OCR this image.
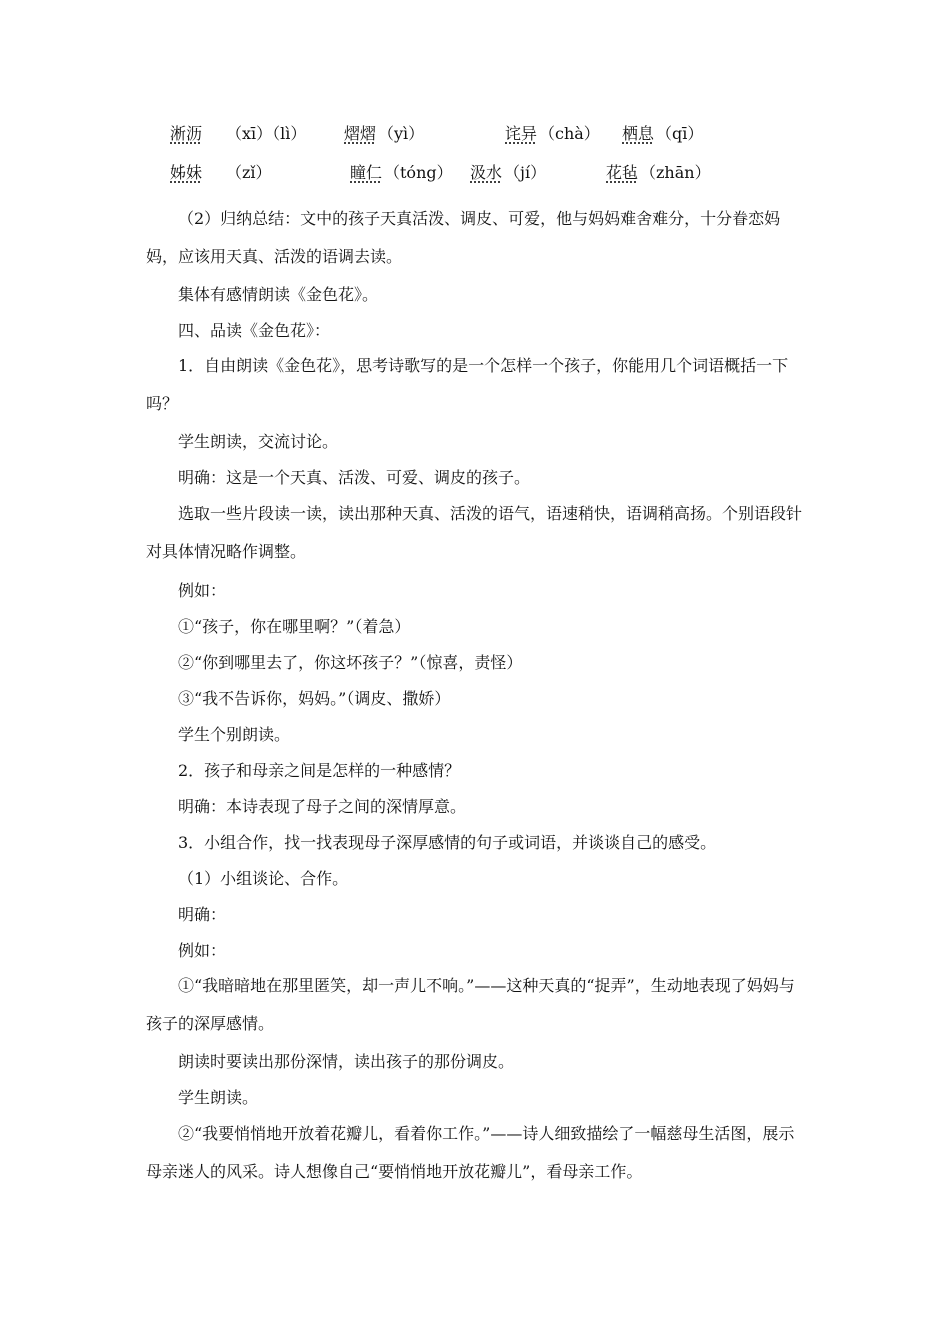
淅沥 （xī）（lì） 熠熠 （yì）	诧异 （chà） 栖息 （qī）
姊妹 （zǐ）	瞳仁 （tóng） 汲水 （jí）	花毡 （zhān）
（2）归纳总结：文中的孩子天真活泼、调皮、可爱，他与妈妈难舍难分，十分眷恋妈妈，应该用天真、活泼的语调去读。
集体有感情朗读《金色花》。
四、品读《金色花》：
1．自由朗读《金色花》，思考诗歌写的是一个怎样一个孩子，你能用几个词语概括一下吗？
学生朗读，交流讨论。
明确：这是一个天真、活泼、可爱、调皮的孩子。
选取一些片段读一读，读出那种天真、活泼的语气，语速稍快，语调稍高扬。个别语段针对具体情况略作调整。
例如：
①“孩子，你在哪里啊？”（着急）
②“你到哪里去了，你这坏孩子？”（惊喜，责怪）
③“我不告诉你，妈妈。”（调皮、撒娇）
学生个别朗读。
2．孩子和母亲之间是怎样的一种感情？
明确：本诗表现了母子之间的深情厚意。
3．小组合作，找一找表现母子深厚感情的句子或词语，并谈谈自己的感受。
（1）小组谈论、合作。
明确：
例如：
①“我暗暗地在那里匿笑，却一声儿不响。”——这种天真的“捉弄”，生动地表现了妈妈与孩子的深厚感情。
朗读时要读出那份深情，读出孩子的那份调皮。
学生朗读。
②“我要悄悄地开放着花瓣儿，看着你工作。”——诗人细致描绘了一幅慈母生活图，展示母亲迷人的风采。诗人想像自己“要悄悄地开放花瓣儿”，看母亲工作。
